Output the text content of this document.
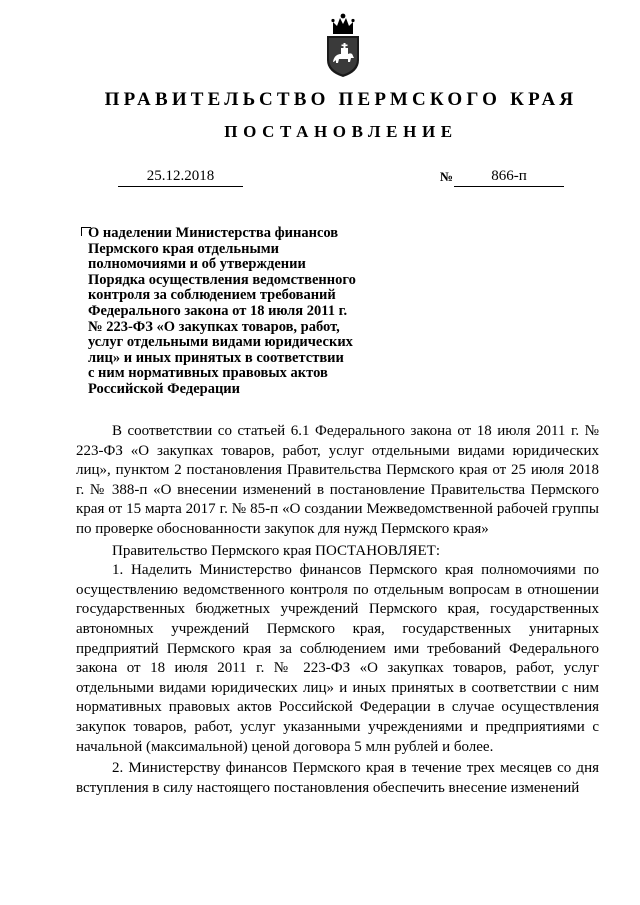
ПРАВИТЕЛЬСТВО ПЕРМСКОГО КРАЯ
ПОСТАНОВЛЕНИЕ
25.12.2018	№	866-п
О наделении Министерства финансов
Пермского края отдельными
полномочиями и об утверждении
Порядка осуществления ведомственного
контроля за соблюдением требований
Федерального закона от 18 июля 2011 г.
№ 223-ФЗ «О закупках товаров, работ,
услуг отдельными видами юридических
лиц» и иных принятых в соответствии
с ним нормативных правовых актов
Российской Федерации

В соответствии со статьей 6.1 Федерального закона от 18 июля 2011 г. № 223-ФЗ «О закупках товаров, работ, услуг отдельными видами юридических лиц», пунктом 2 постановления Правительства Пермского края от 25 июля 2018 г. № 388-п «О внесении изменений в постановление Правительства Пермского края от 15 марта 2017 г. № 85-п «О создании Межведомственной рабочей группы по проверке обоснованности закупок для нужд Пермского края»

Правительство Пермского края ПОСТАНОВЛЯЕТ:

1. Наделить Министерство финансов Пермского края полномочиями по осуществлению ведомственного контроля по отдельным вопросам в отношении государственных бюджетных учреждений Пермского края, государственных автономных учреждений Пермского края, государственных унитарных предприятий Пермского края за соблюдением ими требований Федерального закона от 18 июля 2011 г. № 223-ФЗ «О закупках товаров, работ, услуг отдельными видами юридических лиц» и иных принятых в соответствии с ним нормативных правовых актов Российской Федерации в случае осуществления закупок товаров, работ, услуг указанными учреждениями и предприятиями с начальной (максимальной) ценой договора 5 млн рублей и более.

2. Министерству финансов Пермского края в течение трех месяцев со дня вступления в силу настоящего постановления обеспечить внесение изменений
